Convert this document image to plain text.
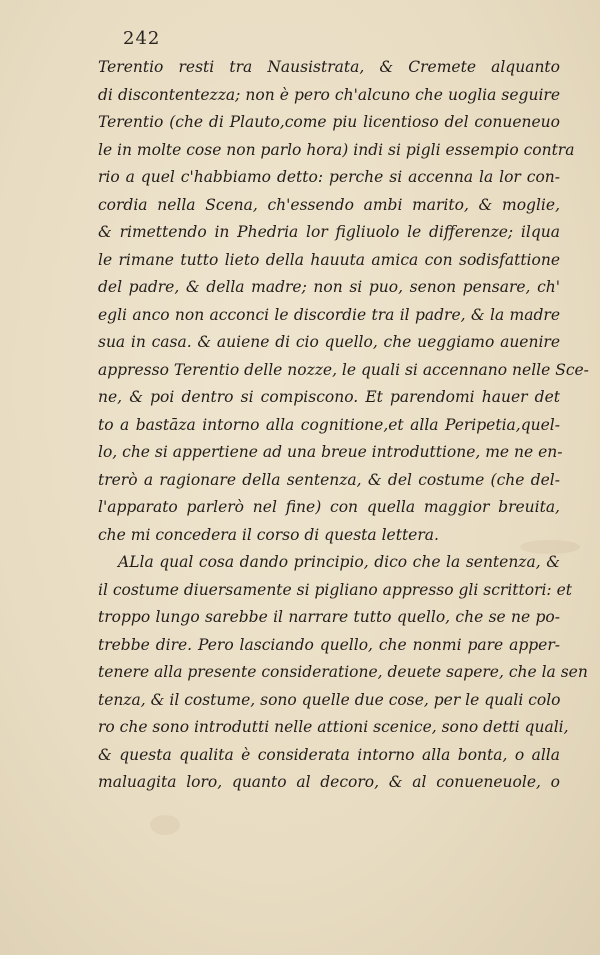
242
Terentio resti tra Nausistrata, & Cremete alquanto
di discontentezza; non è pero ch'alcuno che uoglia seguire
Terentio (che di Plauto,come piu licentioso del conueneuo
le in molte cose non parlo hora) indi si pigli essempio contra
rio a quel c'habbiamo detto: perche si accenna la lor con-
cordia nella Scena, ch'essendo ambi marito, & moglie,
& rimettendo in Phedria lor figliuolo le differenze; ilqua
le rimane tutto lieto della hauuta amica con sodisfattione
del padre, & della madre; non si puo, senon pensare, ch'
egli anco non acconci le discordie tra il padre, & la madre
sua in casa. & auiene di cio quello, che ueggiamo auenire
appresso Terentio delle nozze, le quali si accennano nelle Sce-
ne, & poi dentro si compiscono. Et parendomi hauer det
to a bastāza intorno alla cognitione,et alla Peripetia,quel-
lo, che si appertiene ad una breue introduttione, me ne en-
trerò a ragionare della sentenza, & del costume (che del-
l'apparato parlerò nel fine) con quella maggior breuita,
che mi concedera il corso di questa lettera.
ALla qual cosa dando principio, dico che la sentenza, &
il costume diuersamente si pigliano appresso gli scrittori: et
troppo lungo sarebbe il narrare tutto quello, che se ne po-
trebbe dire. Pero lasciando quello, che nonmi pare apper-
tenere alla presente consideratione, deuete sapere, che la sen
tenza, & il costume, sono quelle due cose, per le quali colo
ro che sono introdutti nelle attioni scenice, sono detti quali,
& questa qualita è considerata intorno alla bonta, o alla
maluagita loro, quanto al decoro, & al conueneuole, o
